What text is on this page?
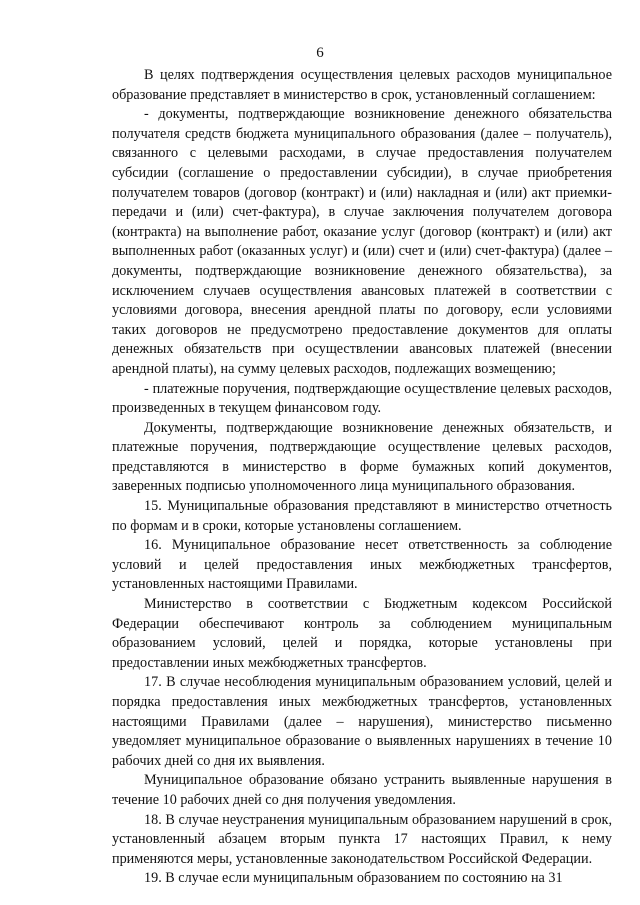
6

В целях подтверждения осуществления целевых расходов муниципальное образование представляет в министерство в срок, установленный соглашением:

- документы, подтверждающие возникновение денежного обязательства получателя средств бюджета муниципального образования (далее – получатель), связанного с целевыми расходами, в случае предоставления получателем субсидии (соглашение о предоставлении субсидии), в случае приобретения получателем товаров (договор (контракт) и (или) накладная и (или) акт приемки-передачи и (или) счет-фактура), в случае заключения получателем договора (контракта) на выполнение работ, оказание услуг (договор (контракт) и (или) акт выполненных работ (оказанных услуг) и (или) счет и (или) счет-фактура) (далее – документы, подтверждающие возникновение денежного обязательства), за исключением случаев осуществления авансовых платежей в соответствии с условиями договора, внесения арендной платы по договору, если условиями таких договоров не предусмотрено предоставление документов для оплаты денежных обязательств при осуществлении авансовых платежей (внесении арендной платы), на сумму целевых расходов, подлежащих возмещению;

- платежные поручения, подтверждающие осуществление целевых расходов, произведенных в текущем финансовом году.

Документы, подтверждающие возникновение денежных обязательств, и платежные поручения, подтверждающие осуществление целевых расходов, представляются в министерство в форме бумажных копий документов, заверенных подписью уполномоченного лица муниципального образования.

15. Муниципальные образования представляют в министерство отчетность по формам и в сроки, которые установлены соглашением.

16. Муниципальное образование несет ответственность за соблюдение условий и целей предоставления иных межбюджетных трансфертов, установленных настоящими Правилами.

Министерство в соответствии с Бюджетным кодексом Российской Федерации обеспечивают контроль за соблюдением муниципальным образованием условий, целей и порядка, которые установлены при предоставлении иных межбюджетных трансфертов.

17. В случае несоблюдения муниципальным образованием условий, целей и порядка предоставления иных межбюджетных трансфертов, установленных настоящими Правилами (далее – нарушения), министерство письменно уведомляет муниципальное образование о выявленных нарушениях в течение 10 рабочих дней со дня их выявления.

Муниципальное образование обязано устранить выявленные нарушения в течение 10 рабочих дней со дня получения уведомления.

18. В случае неустранения муниципальным образованием нарушений в срок, установленный абзацем вторым пункта 17 настоящих Правил, к нему применяются меры, установленные законодательством Российской Федерации.

19. В случае если муниципальным образованием по состоянию на 31
